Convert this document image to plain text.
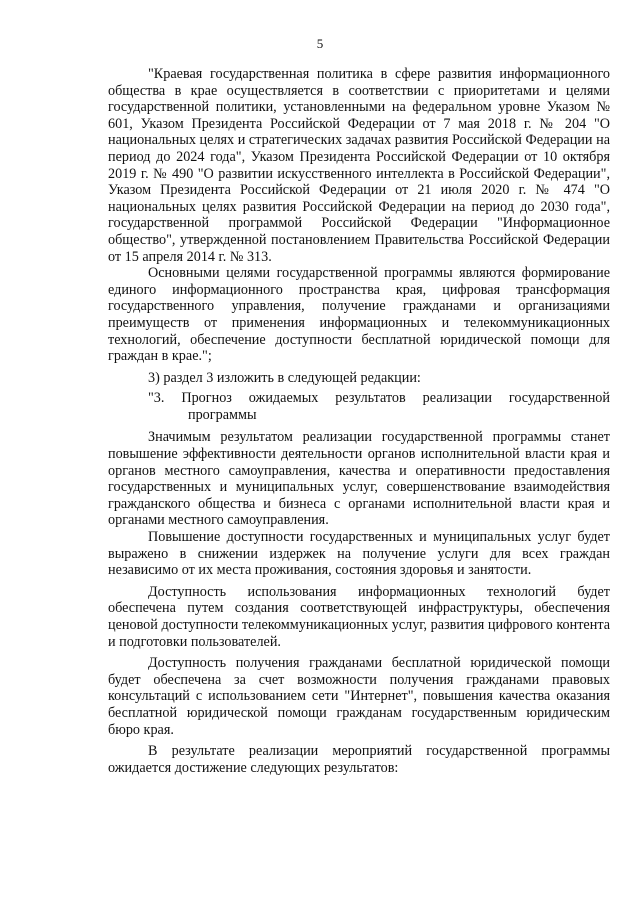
5

"Краевая государственная политика в сфере развития информационного общества в крае осуществляется в соответствии с приоритетами и целями государственной политики, установленными на федеральном уровне Указом № 601, Указом Президента Российской Федерации от 7 мая 2018 г. № 204 "О национальных целях и стратегических задачах развития Российской Федерации на период до 2024 года", Указом Президента Российской Федерации от 10 октября 2019 г. № 490 "О развитии искусственного интеллекта в Российской Федерации", Указом Президента Российской Федерации от 21 июля 2020 г. № 474 "О национальных целях развития Российской Федерации на период до 2030 года", государственной программой Российской Федерации "Информационное общество", утвержденной постановлением Правительства Российской Федерации от 15 апреля 2014 г. № 313.

Основными целями государственной программы являются формирование единого информационного пространства края, цифровая трансформация государственного управления, получение гражданами и организациями преимуществ от применения информационных и телекоммуникационных технологий, обеспечение доступности бесплатной юридической помощи для граждан в крае.";

3) раздел 3 изложить в следующей редакции:

"3. Прогноз ожидаемых результатов реализации государственной программы

Значимым результатом реализации государственной программы станет повышение эффективности деятельности органов исполнительной власти края и органов местного самоуправления, качества и оперативности предоставления государственных и муниципальных услуг, совершенствование взаимодействия гражданского общества и бизнеса с органами исполнительной власти края и органами местного самоуправления.

Повышение доступности государственных и муниципальных услуг будет выражено в снижении издержек на получение услуги для всех граждан независимо от их места проживания, состояния здоровья и занятости.

Доступность использования информационных технологий будет обеспечена путем создания соответствующей инфраструктуры, обеспечения ценовой доступности телекоммуникационных услуг, развития цифрового контента и подготовки пользователей.

Доступность получения гражданами бесплатной юридической помощи будет обеспечена за счет возможности получения гражданами правовых консультаций с использованием сети "Интернет", повышения качества оказания бесплатной юридической помощи гражданам государственным юридическим бюро края.

В результате реализации мероприятий государственной программы ожидается достижение следующих результатов:
